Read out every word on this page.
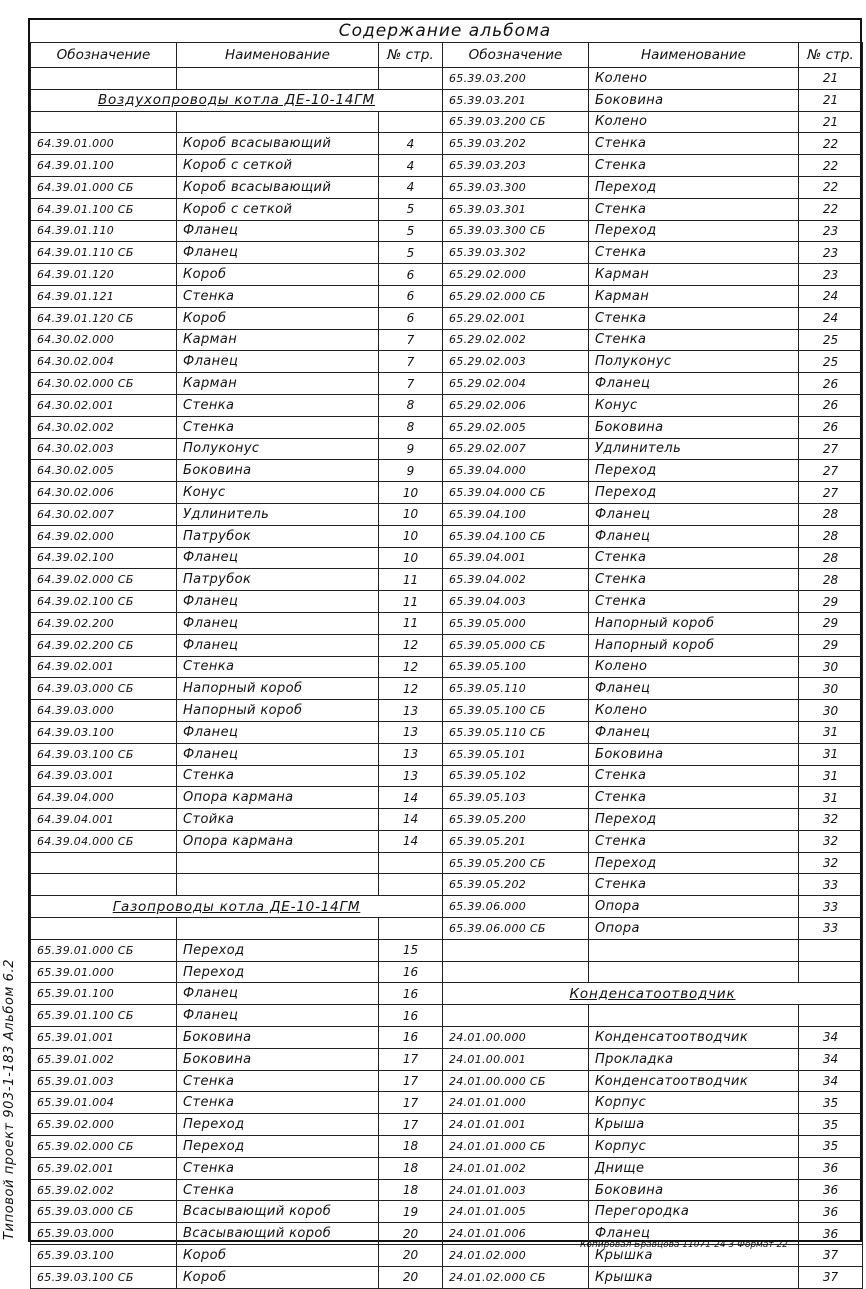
Содержание альбома
Обозначение	Наименование	№ стр.

Воздухопроводы котла ДЕ-10-14ГМ		

64.39.01.000	Короб всасывающий	4
64.39.01.100	Короб с сеткой	4
64.39.01.000 СБ	Короб всасывающий	4
64.39.01.100 СБ	Короб с сеткой	5
64.39.01.110	Фланец	5
64.39.01.110 СБ	Фланец	5
64.39.01.120	Короб	6
64.39.01.121	Стенка	6
64.39.01.120 СБ	Короб	6
64.30.02.000	Карман	7
64.30.02.004	Фланец	7
64.30.02.000 СБ	Карман	7
64.30.02.001	Стенка	8
64.30.02.002	Стенка	8
64.30.02.003	Полуконус	9
64.30.02.005	Боковина	9
64.30.02.006	Конус	10
64.30.02.007	Удлинитель	10
64.39.02.000	Патрубок	10
64.39.02.100	Фланец	10
64.39.02.000 СБ	Патрубок	11
64.39.02.100 СБ	Фланец	11
64.39.02.200	Фланец	11
64.39.02.200 СБ	Фланец	12
64.39.02.001	Стенка	12
64.39.03.000 СБ	Напорный короб	12
64.39.03.000	Напорный короб	13
64.39.03.100	Фланец	13
64.39.03.100 СБ	Фланец	13
64.39.03.001	Стенка	13
64.39.04.000	Опора кармана	14
64.39.04.001	Стойка	14
64.39.04.000 СБ	Опора кармана	14

Газопроводы котла ДЕ-10-14ГМ		

65.39.01.000 СБ	Переход	15
65.39.01.000	Переход	16
65.39.01.100	Фланец	16
65.39.01.100 СБ	Фланец	16
65.39.01.001	Боковина	16
65.39.01.002	Боковина	17
65.39.01.003	Стенка	17
65.39.01.004	Стенка	17
65.39.02.000	Переход	17
65.39.02.000 СБ	Переход	18
65.39.02.001	Стенка	18
65.39.02.002	Стенка	18
65.39.03.000 СБ	Всасывающий короб	19
65.39.03.000	Всасывающий короб	20
65.39.03.100	Короб	20
65.39.03.100 СБ	Короб	20
Обозначение	Наименование	№ стр.
65.39.03.200	Колено	21
65.39.03.201	Боковина	21
65.39.03.200 СБ	Колено	21
65.39.03.202	Стенка	22
65.39.03.203	Стенка	22
65.39.03.300	Переход	22
65.39.03.301	Стенка	22
65.39.03.300 СБ	Переход	23
65.39.03.302	Стенка	23
65.29.02.000	Карман	23
65.29.02.000 СБ	Карман	24
65.29.02.001	Стенка	24
65.29.02.002	Стенка	25
65.29.02.003	Полуконус	25
65.29.02.004	Фланец	26
65.29.02.006	Конус	26
65.29.02.005	Боковина	26
65.29.02.007	Удлинитель	27
65.39.04.000	Переход	27
65.39.04.000 СБ	Переход	27
65.39.04.100	Фланец	28
65.39.04.100 СБ	Фланец	28
65.39.04.001	Стенка	28
65.39.04.002	Стенка	28
65.39.04.003	Стенка	29
65.39.05.000	Напорный короб	29
65.39.05.000 СБ	Напорный короб	29
65.39.05.100	Колено	30
65.39.05.110	Фланец	30
65.39.05.100 СБ	Колено	30
65.39.05.110 СБ	Фланец	31
65.39.05.101	Боковина	31
65.39.05.102	Стенка	31
65.39.05.103	Стенка	31
65.39.05.200	Переход	32
65.39.05.201	Стенка	32
65.39.05.200 СБ	Переход	32
65.39.05.202	Стенка	33
65.39.06.000	Опора	33
65.39.06.000 СБ	Опора	33

Конденсатоотводчик		

24.01.00.000	Конденсатоотводчик	34
24.01.00.001	Прокладка	34
24.01.00.000 СБ	Конденсатоотводчик	34
24.01.01.000	Корпус	35
24.01.01.001	Крыша	35
24.01.01.000 СБ	Корпус	35
24.01.01.002	Днище	36
24.01.01.003	Боковина	36
24.01.01.005	Перегородка	36
24.01.01.006	Фланец	36
24.01.02.000	Крышка	37
24.01.02.000 СБ	Крышка	37
Типовой проект 903-1-183 Альбом 6.2
Копировал Бравцова 11071-24 3 Формат 22
